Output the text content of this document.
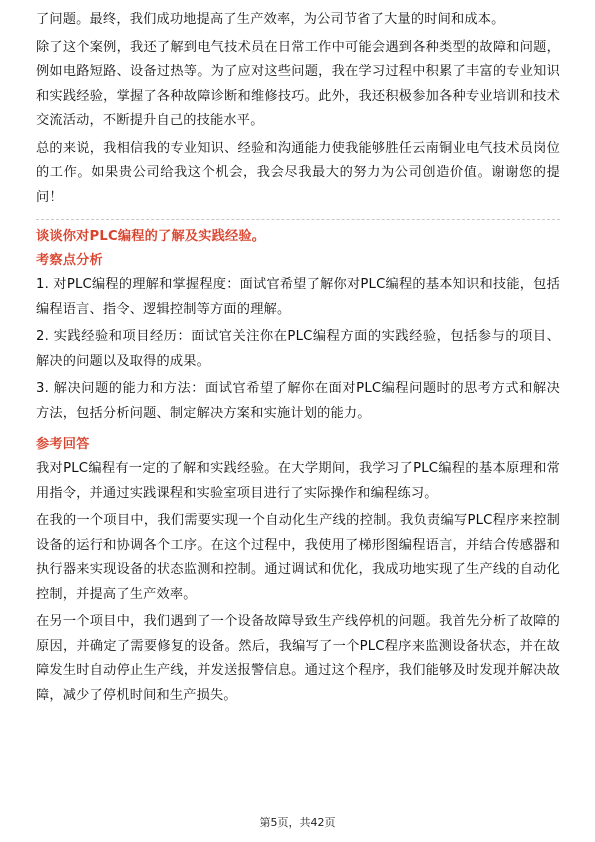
了问题。最终，我们成功地提高了生产效率，为公司节省了大量的时间和成本。

除了这个案例，我还了解到电气技术员在日常工作中可能会遇到各种类型的故障和问题，例如电路短路、设备过热等。为了应对这些问题，我在学习过程中积累了丰富的专业知识和实践经验，掌握了各种故障诊断和维修技巧。此外，我还积极参加各种专业培训和技术交流活动，不断提升自己的技能水平。

总的来说，我相信我的专业知识、经验和沟通能力使我能够胜任云南铜业电气技术员岗位的工作。如果贵公司给我这个机会，我会尽我最大的努力为公司创造价值。谢谢您的提问！

谈谈你对PLC编程的了解及实践经验。
考察点分析

1. 对PLC编程的理解和掌握程度：面试官希望了解你对PLC编程的基本知识和技能，包括编程语言、指令、逻辑控制等方面的理解。

2. 实践经验和项目经历：面试官关注你在PLC编程方面的实践经验，包括参与的项目、解决的问题以及取得的成果。

3. 解决问题的能力和方法：面试官希望了解你在面对PLC编程问题时的思考方式和解决方法，包括分析问题、制定解决方案和实施计划的能力。

参考回答

我对PLC编程有一定的了解和实践经验。在大学期间，我学习了PLC编程的基本原理和常用指令，并通过实践课程和实验室项目进行了实际操作和编程练习。

在我的一个项目中，我们需要实现一个自动化生产线的控制。我负责编写PLC程序来控制设备的运行和协调各个工序。在这个过程中，我使用了梯形图编程语言，并结合传感器和执行器来实现设备的状态监测和控制。通过调试和优化，我成功地实现了生产线的自动化控制，并提高了生产效率。

在另一个项目中，我们遇到了一个设备故障导致生产线停机的问题。我首先分析了故障的原因，并确定了需要修复的设备。然后，我编写了一个PLC程序来监测设备状态，并在故障发生时自动停止生产线，并发送报警信息。通过这个程序，我们能够及时发现并解决故障，减少了停机时间和生产损失。

第5页，共42页
